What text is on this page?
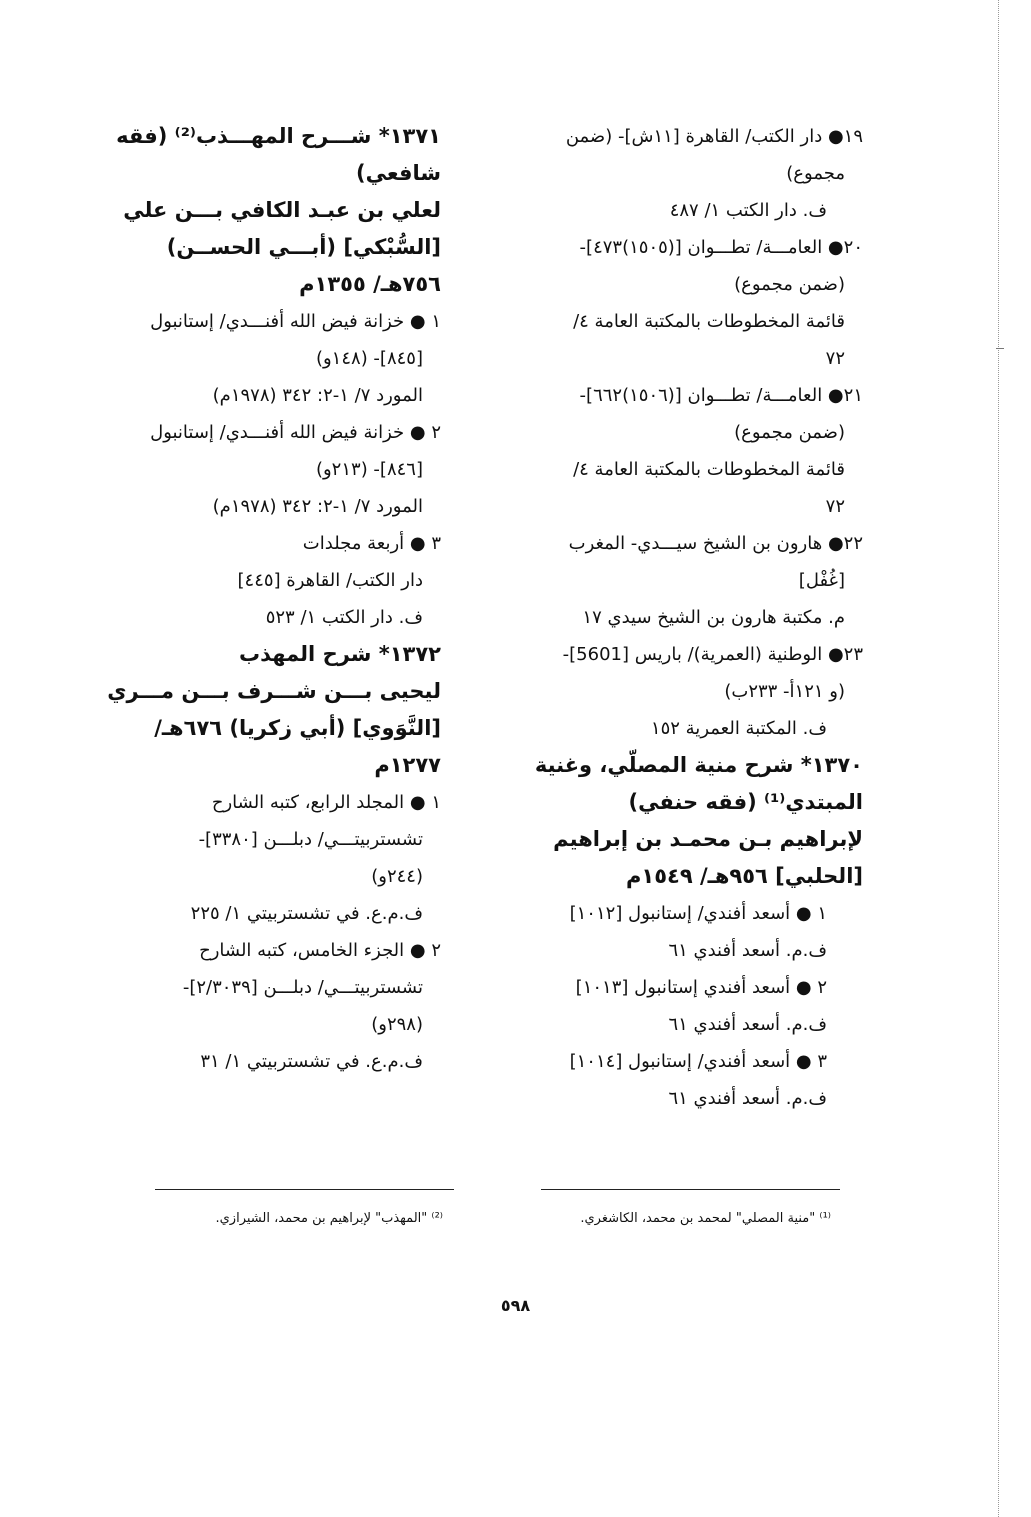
١٩● دار الكتب/ القاهرة [١١ش]- (ضمن
مجموع)
ف. دار الكتب ١/ ٤٨٧
٢٠● العامـــة/ تطـــوان [(١٥٠٥)٤٧٣]-
(ضمن مجموع)
قائمة المخطوطات بالمكتبة العامة ٤/
٧٢
٢١● العامـــة/ تطـــوان [(١٥٠٦)٦٦٢]-
(ضمن مجموع)
قائمة المخطوطات بالمكتبة العامة ٤/
٧٢
٢٢● هارون بن الشيخ سيـــدي- المغرب
[غُفْل]
م. مكتبة هارون بن الشيخ سيدي ١٧
٢٣● الوطنية (العمرية)/ باريس [5601]-
(و ١٢١أ- ٢٣٣ب)
ف. المكتبة العمرية ١٥٢
١٣٧٠* شرح منية المصلّي، وغنية
المبتدي⁽¹⁾ (فقه حنفي)
لإبراهيم بـن محمـد بن إبراهيم
[الحلبي] ٩٥٦هـ/ ١٥٤٩م
١ ● أسعد أفندي/ إستانبول [١٠١٢]
ف.م. أسعد أفندي ٦١
٢ ● أسعد أفندي إستانبول [١٠١٣]
ف.م. أسعد أفندي ٦١
٣ ● أسعد أفندي/ إستانبول [١٠١٤]
ف.م. أسعد أفندي ٦١
١٣٧١* شـــرح المهـــذب⁽²⁾ (فقه
شافعي)
لعلي بن عبـد الكافي بـــن علي
[السُّبْكي] (أبـــي الحســن)
٧٥٦هـ/ ١٣٥٥م
١ ● خزانة فيض الله أفنـــدي/ إستانبول
[٨٤٥]- (١٤٨و)
المورد ٧/ ١-٢: ٣٤٢ (١٩٧٨م)
٢ ● خزانة فيض الله أفنـــدي/ إستانبول
[٨٤٦]- (٢١٣و)
المورد ٧/ ١-٢: ٣٤٢ (١٩٧٨م)
٣ ● أربعة مجلدات
دار الكتب/ القاهرة [٤٤٥]
ف. دار الكتب ١/ ٥٢٣
١٣٧٢* شرح المهذب
ليحيى بـــن شـــرف بـــن مـــري
[النَّوَوي] (أبي زكريا) ٦٧٦هـ/
١٢٧٧م
١ ● المجلد الرابع، كتبه الشارح
تشستربيتـــي/ دبلـــن [٣٣٨٠]-
(٢٤٤و)
ف.م.ع. في تشستربيتي ١/ ٢٢٥
٢ ● الجزء الخامس، كتبه الشارح
تشستربيتـــي/ دبلـــن [٢/٣٠٣٩]-
(٢٩٨و)
ف.م.ع. في تشستربيتي ١/ ٣١
⁽¹⁾ "منية المصلي" لمحمد بن محمد، الكاشغري.
⁽²⁾ "المهذب" لإبراهيم بن محمد، الشيرازي.
٥٩٨
